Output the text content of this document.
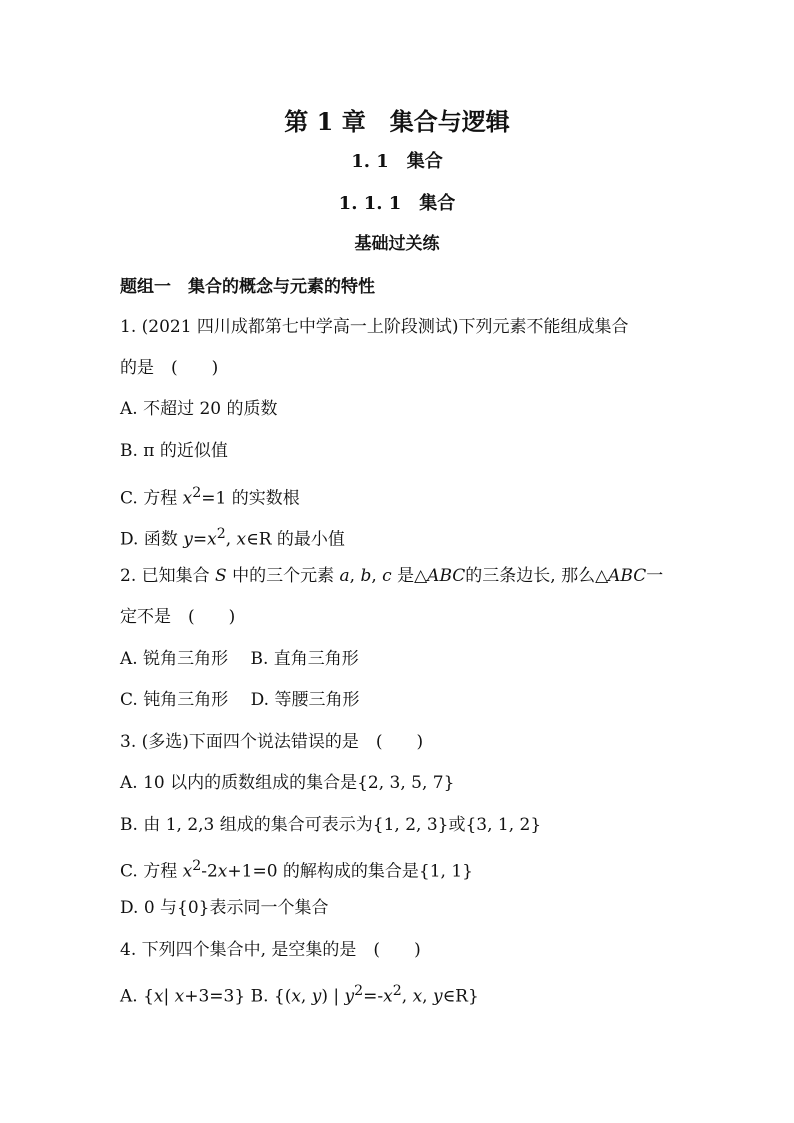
第 1 章　集合与逻辑
1. 1　集合
1. 1. 1　集合
基础过关练
题组一　集合的概念与元素的特性
1. (2021 四川成都第七中学高一上阶段测试)下列元素不能组成集合
的是　(　　)
A. 不超过 20 的质数
B. π 的近似值
C. 方程 $x^2=1$ 的实数根
D. 函数 $y=x^2$, x∈R 的最小值
2. 已知集合 S 中的三个元素 a, b, c 是△ABC的三条边长, 那么△ABC一
定不是　(　　)
A. 锐角三角形　 B. 直角三角形
C. 钝角三角形　 D. 等腰三角形
3. (多选)下面四个说法错误的是　(　　)
A. 10 以内的质数组成的集合是{2, 3, 5, 7}
B. 由 1, 2,3 组成的集合可表示为{1, 2, 3}或{3, 1, 2}
C. 方程 $x^2-2x+1=0$ 的解构成的集合是{1, 1}
D. 0 与{0}表示同一个集合
4. 下列四个集合中, 是空集的是　(　　)
A. {x| x+3=3} B. {(x, y) | $y^2=-x^2$, x, y∈R}
